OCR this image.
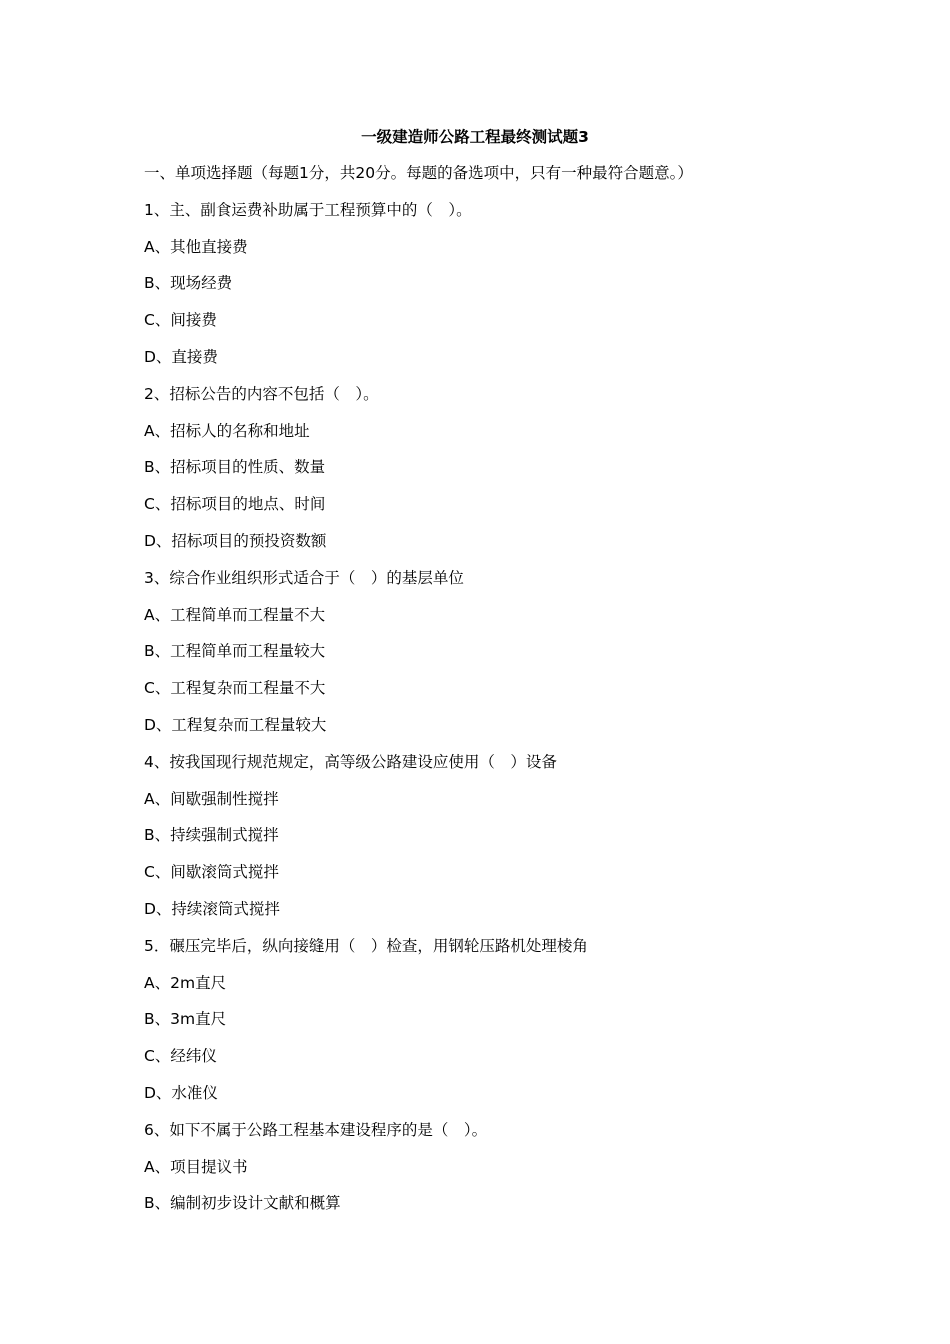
一级建造师公路工程最终测试题3
一、单项选择题（每题1分，共20分。每题的备选项中，只有一种最符合题意。）
1、主、副食运费补助属于工程预算中的（　）。
A、其他直接费
B、现场经费
C、间接费
D、直接费
2、招标公告的内容不包括（　）。
A、招标人的名称和地址
B、招标项目的性质、数量
C、招标项目的地点、时间
D、招标项目的预投资数额
3、综合作业组织形式适合于（　）的基层单位
A、工程简单而工程量不大
B、工程简单而工程量较大
C、工程复杂而工程量不大
D、工程复杂而工程量较大
4、按我国现行规范规定，高等级公路建设应使用（　）设备
A、间歇强制性搅拌
B、持续强制式搅拌
C、间歇滚筒式搅拌
D、持续滚筒式搅拌
5．碾压完毕后，纵向接缝用（　）检查，用钢轮压路机处理棱角
A、2m直尺
B、3m直尺
C、经纬仪
D、水准仪
6、如下不属于公路工程基本建设程序的是（　）。
A、项目提议书
B、编制初步设计文献和概算
